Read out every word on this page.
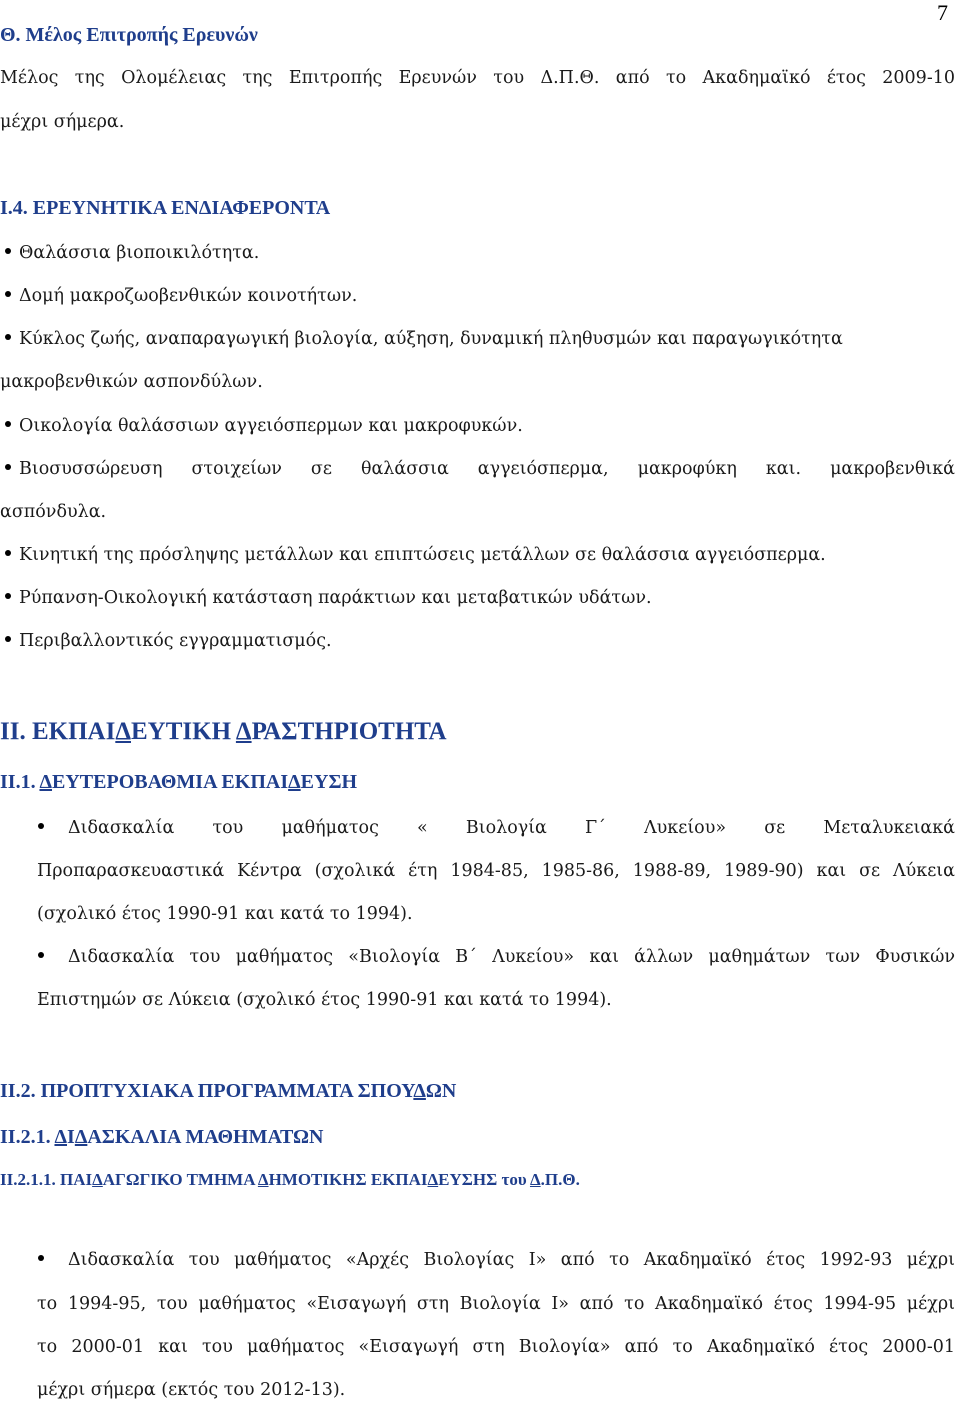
7
Θ. Μέλος Επιτροπής Ερευνών
Μέλος της Ολομέλειας της Επιτροπής Ερευνών του Δ.Π.Θ. από το Ακαδημαϊκό έτος 2009-10
μέχρι σήμερα.
Ι.4. ΕΡΕΥΝΗΤΙΚΑ ΕΝΔΙΑΦΕΡΟΝΤΑ
Θαλάσσια βιοποικιλότητα.
Δομή μακροζωοβενθικών κοινοτήτων.
Κύκλος ζωής, αναπαραγωγική βιολογία, αύξηση, δυναμική πληθυσμών και παραγωγικότητα
μακροβενθικών ασπονδύλων.
Οικολογία θαλάσσιων αγγειόσπερμων και μακροφυκών.
Βιοσυσσώρευση στοιχείων σε θαλάσσια αγγειόσπερμα, μακροφύκη και. μακροβενθικά
ασπόνδυλα.
Κινητική της πρόσληψης μετάλλων και επιπτώσεις μετάλλων σε θαλάσσια αγγειόσπερμα.
Ρύπανση-Οικολογική κατάσταση παράκτιων και μεταβατικών υδάτων.
Περιβαλλοντικός εγγραμματισμός.
ΙΙ. ΕΚΠΑΙΔΕΥΤΙΚΗ ΔΡΑΣΤΗΡΙΟΤΗΤΑ
ΙΙ.1. ΔΕΥΤΕΡΟΒΑΘΜΙΑ ΕΚΠΑΙΔΕΥΣΗ
Διδασκαλία του μαθήματος « Βιολογία Γ΄ Λυκείου» σε Μεταλυκειακά
Προπαρασκευαστικά Κέντρα (σχολικά έτη 1984-85, 1985-86, 1988-89, 1989-90) και σε Λύκεια
(σχολικό έτος 1990-91 και κατά το 1994).
Διδασκαλία του μαθήματος «Βιολογία Β΄ Λυκείου» και άλλων μαθημάτων των Φυσικών
Επιστημών σε Λύκεια (σχολικό έτος 1990-91 και κατά το 1994).
ΙΙ.2. ΠΡΟΠΤΥΧΙΑΚΑ ΠΡΟΓΡΑΜΜΑΤΑ ΣΠΟΥΔΩΝ
ΙΙ.2.1. ΔΙΔΑΣΚΑΛΙΑ ΜΑΘΗΜΑΤΩΝ
ΙΙ.2.1.1. ΠΑΙΔΑΓΩΓΙΚΟ ΤΜΗΜΑ ΔΗΜΟΤΙΚΗΣ ΕΚΠΑΙΔΕΥΣΗΣ του Δ.Π.Θ.
Διδασκαλία του μαθήματος «Αρχές Βιολογίας Ι» από το Ακαδημαϊκό έτος 1992-93 μέχρι
το 1994-95, του μαθήματος «Εισαγωγή στη Βιολογία Ι» από το Ακαδημαϊκό έτος 1994-95 μέχρι
το 2000-01 και του μαθήματος «Εισαγωγή στη Βιολογία» από το Ακαδημαϊκό έτος 2000-01
μέχρι σήμερα (εκτός του 2012-13).
